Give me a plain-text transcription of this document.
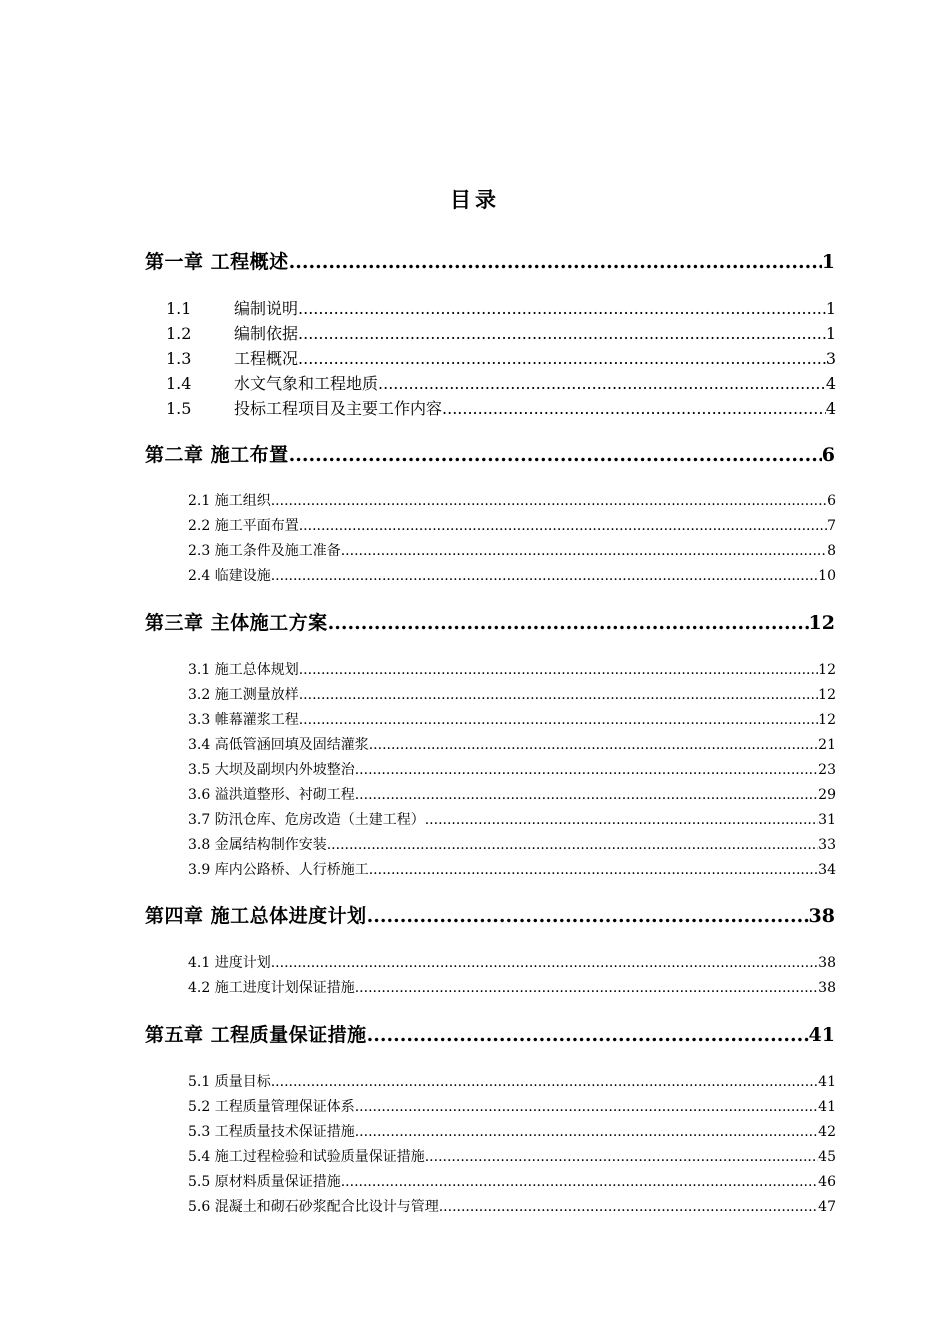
目录
第一章 工程概述 .....	1
1.1	编制说明 .....	1
1.2	编制依据 .....	1
1.3	工程概况 .....	3
1.4	水文气象和工程地质 .....	4
1.5	投标工程项目及主要工作内容 .....	4
第二章 施工布置 .....	6
2.1 施工组织 .....	6
2.2 施工平面布置 .....	7
2.3 施工条件及施工准备 .....	8
2.4 临建设施 .....	10
第三章 主体施工方案 .....	12
3.1 施工总体规划 .....	12
3.2 施工测量放样 .....	12
3.3 帷幕灌浆工程 .....	12
3.4 高低管涵回填及固结灌浆 .....	21
3.5 大坝及副坝内外坡整治 .....	23
3.6 溢洪道整形、衬砌工程 .....	29
3.7 防汛仓库、危房改造（土建工程） .....	31
3.8 金属结构制作安装 .....	33
3.9 库内公路桥、人行桥施工 .....	34
第四章 施工总体进度计划 .....	38
4.1 进度计划 .....	38
4.2 施工进度计划保证措施 .....	38
第五章 工程质量保证措施 .....	41
5.1 质量目标 .....	41
5.2 工程质量管理保证体系 .....	41
5.3 工程质量技术保证措施 .....	42
5.4 施工过程检验和试验质量保证措施 .....	45
5.5 原材料质量保证措施 .....	46
5.6 混凝土和砌石砂浆配合比设计与管理 .....	47
